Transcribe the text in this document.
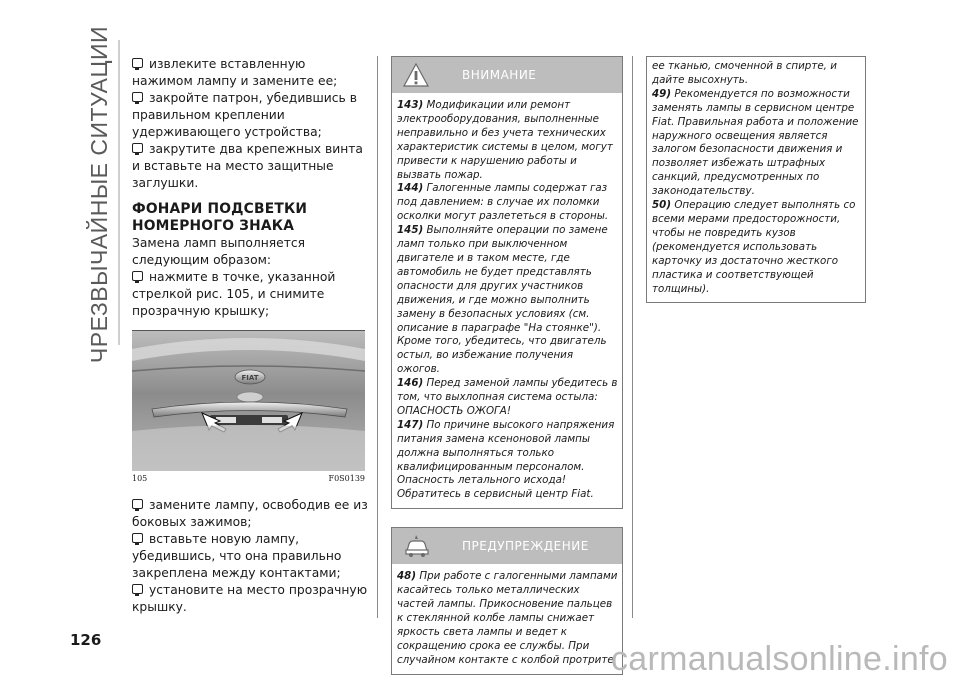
ЧРЕЗВЫЧАЙНЫЕ СИТУАЦИИ	извлеките вставленную нажимом лампу и замените ее;
закройте патрон, убедившись в правильном креплении удерживающего устройства;
закрутите два крепежных винта и вставьте на место защитные заглушки.
ФОНАРИ ПОДСВЕТКИ НОМЕРНОГО ЗНАКА
Замена ламп выполняется следующим образом:
нажмите в точке, указанной стрелкой рис. 105, и снимите прозрачную крышку;
FIAT
105	F0S0139
замените лампу, освободив ее из боковых зажимов;
вставьте новую лампу, убедившись, что она правильно закреплена между контактами;
установите на место прозрачную крышку.
ВНИМАНИЕ
143) Модификации или ремонт электрооборудования, выполненные неправильно и без учета технических характеристик системы в целом, могут привести к нарушению работы и вызвать пожар.
144) Галогенные лампы содержат газ под давлением: в случае их поломки осколки могут разлететься в стороны.
145) Выполняйте операции по замене ламп только при выключенном двигателе и в таком месте, где автомобиль не будет представлять опасности для других участников движения, и где можно выполнить замену в безопасных условиях (см. описание в параграфе "На стоянке"). Кроме того, убедитесь, что двигатель остыл, во избежание получения ожогов.
146) Перед заменой лампы убедитесь в том, что выхлопная система остыла: ОПАСНОСТЬ ОЖОГА!
147) По причине высокого напряжения питания замена ксеноновой лампы должна выполняться только квалифицированным персоналом. Опасность летального исхода! Обратитесь в сервисный центр Fiat.
ПРЕДУПРЕЖДЕНИЕ
48) При работе с галогенными лампами касайтесь только металлических частей лампы. Прикосновение пальцев к стеклянной колбе лампы снижает яркость света лампы и ведет к сокращению срока ее службы. При случайном контакте с колбой протрите
ее тканью, смоченной в спирте, и дайте высохнуть.
49) Рекомендуется по возможности заменять лампы в сервисном центре Fiat. Правильная работа и положение наружного освещения является залогом безопасности движения и позволяет избежать штрафных санкций, предусмотренных по законодательству.
50) Операцию следует выполнять со всеми мерами предосторожности, чтобы не повредить кузов (рекомендуется использовать карточку из достаточно жесткого пластика и соответствующей толщины).
126	carmanualsonline.info
